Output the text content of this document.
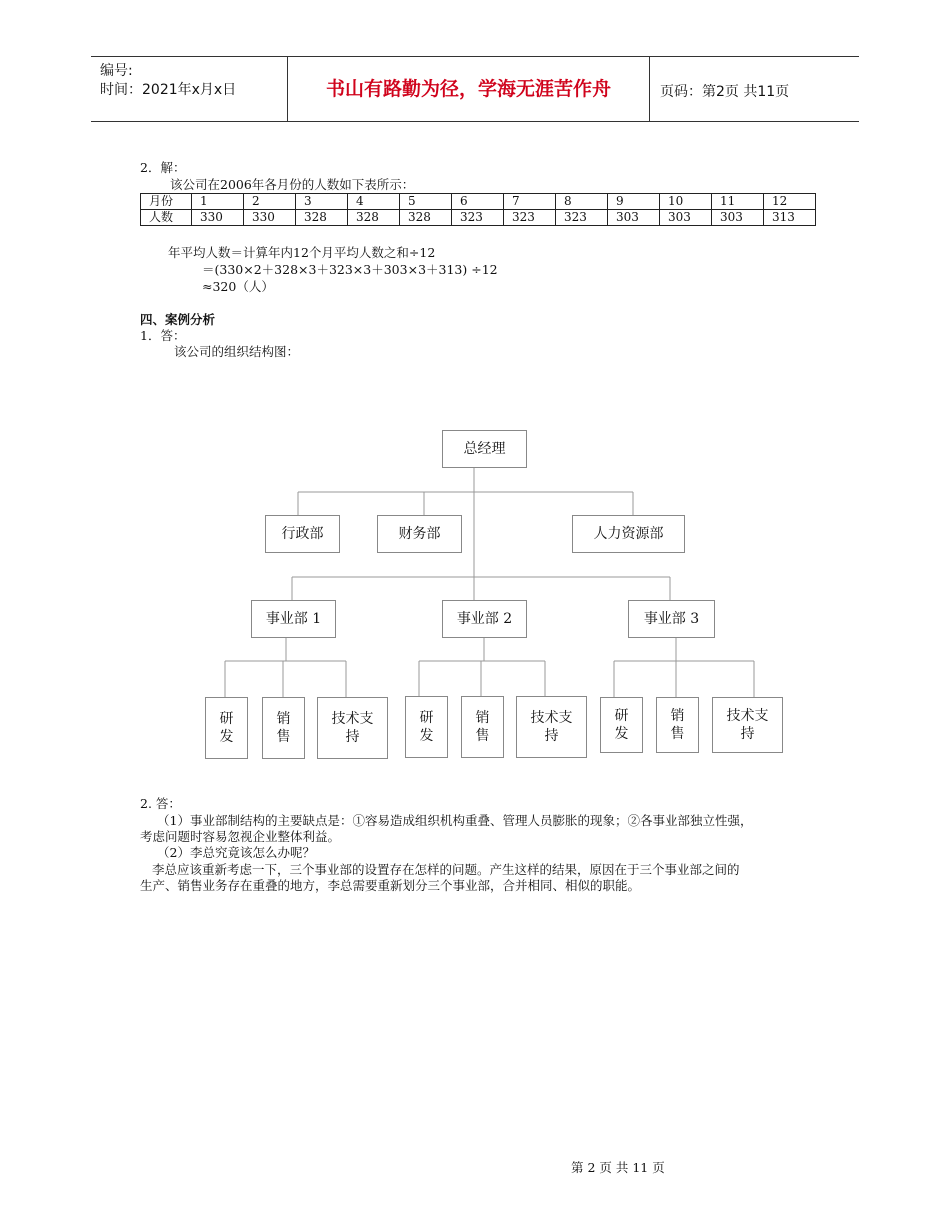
编号:
时间：2021年x月x日	书山有路勤为径，学海无涯苦作舟	页码：第2页 共11页
2．解：
该公司在2006年各月份的人数如下表所示：
月份	1	2	3	4	5	6	7	8	9	10	11	12
人数	330	330	328	328	328	323	323	323	303	303	303	313
年平均人数＝计算年内12个月平均人数之和÷12
＝(330×2＋328×3＋323×3＋303×3＋313) ÷12
≈320（人）
四、案例分析
1．答：
该公司的组织结构图：
总经理
行政部	财务部	人力资源部
事业部 1	事业部 2	事业部 3
研
发
销
售
技术支
持
研
发
销
售
技术支
持
研
发
销
售
技术支
持
2. 答：
（1）事业部制结构的主要缺点是：①容易造成组织机构重叠、管理人员膨胀的现象；②各事业部独立性强，
考虑问题时容易忽视企业整体利益。
（2）李总究竟该怎么办呢？
李总应该重新考虑一下，三个事业部的设置存在怎样的问题。产生这样的结果，原因在于三个事业部之间的
生产、销售业务存在重叠的地方，李总需要重新划分三个事业部，合并相同、相似的职能。
第 2 页 共 11 页
